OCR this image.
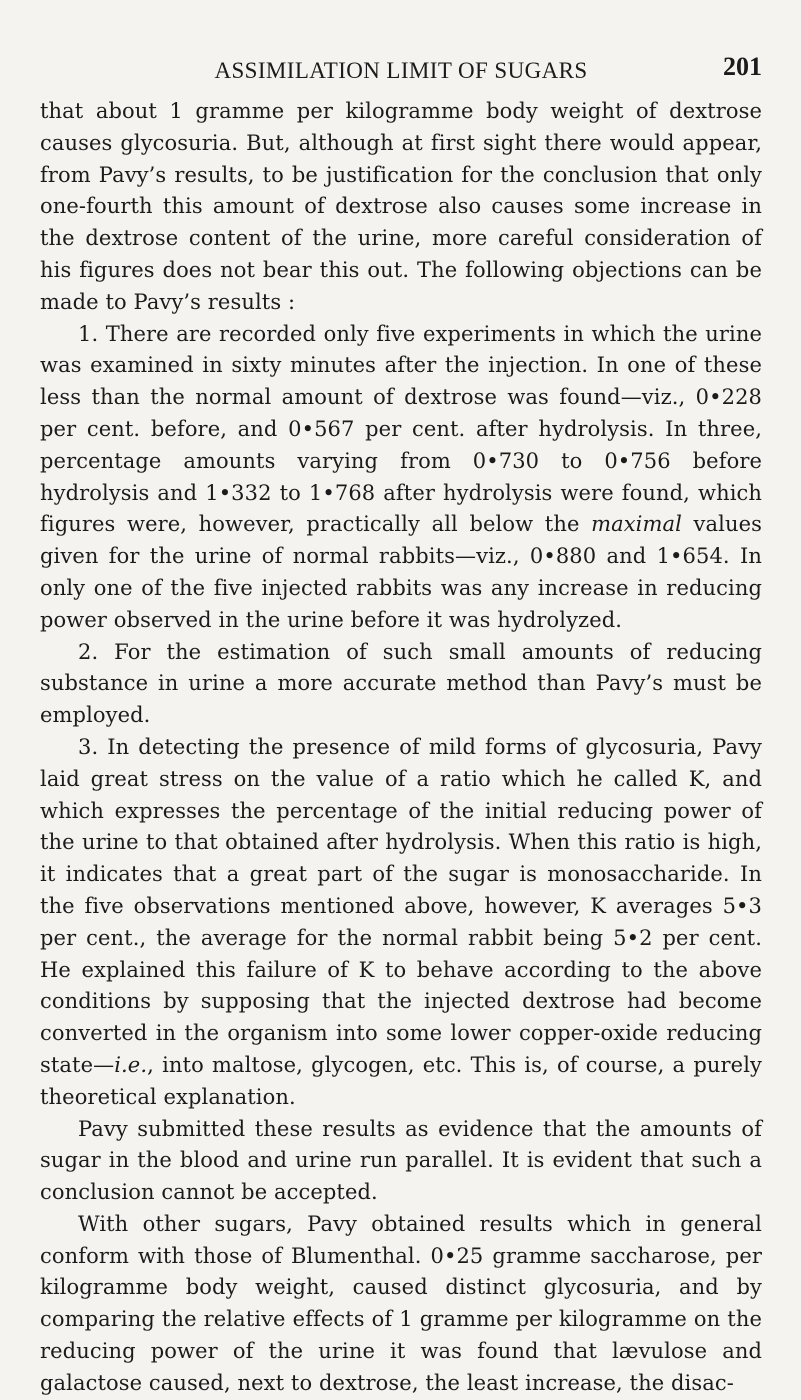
ASSIMILATION LIMIT OF SUGARS	201

that about 1 gramme per kilogramme body weight of dextrose causes glycosuria. But, although at first sight there would appear, from Pavy’s results, to be justification for the conclusion that only one-fourth this amount of dextrose also causes some increase in the dextrose content of the urine, more careful consideration of his figures does not bear this out. The following objections can be made to Pavy’s results :

1. There are recorded only five experiments in which the urine was examined in sixty minutes after the injection. In one of these less than the normal amount of dextrose was found—viz., 0•228 per cent. before, and 0•567 per cent. after hydrolysis. In three, percentage amounts varying from 0•730 to 0•756 before hydrolysis and 1•332 to 1•768 after hydrolysis were found, which figures were, however, practically all below the maximal values given for the urine of normal rabbits—viz., 0•880 and 1•654. In only one of the five injected rabbits was any increase in reducing power observed in the urine before it was hydrolyzed.

2. For the estimation of such small amounts of reducing substance in urine a more accurate method than Pavy’s must be employed.

3. In detecting the presence of mild forms of glycosuria, Pavy laid great stress on the value of a ratio which he called K, and which expresses the percentage of the initial reducing power of the urine to that obtained after hydrolysis. When this ratio is high, it indicates that a great part of the sugar is monosaccharide. In the five observations mentioned above, however, K averages 5•3 per cent., the average for the normal rabbit being 5•2 per cent. He explained this failure of K to behave according to the above conditions by supposing that the injected dextrose had become converted in the organism into some lower copper-oxide reducing state—i.e., into maltose, glycogen, etc. This is, of course, a purely theoretical explanation.

Pavy submitted these results as evidence that the amounts of sugar in the blood and urine run parallel. It is evident that such a conclusion cannot be accepted.

With other sugars, Pavy obtained results which in general conform with those of Blumenthal. 0•25 gramme saccharose, per kilogramme body weight, caused distinct glycosuria, and by comparing the relative effects of 1 gramme per kilogramme on the reducing power of the urine it was found that lævulose and galactose caused, next to dextrose, the least increase, the disac-
